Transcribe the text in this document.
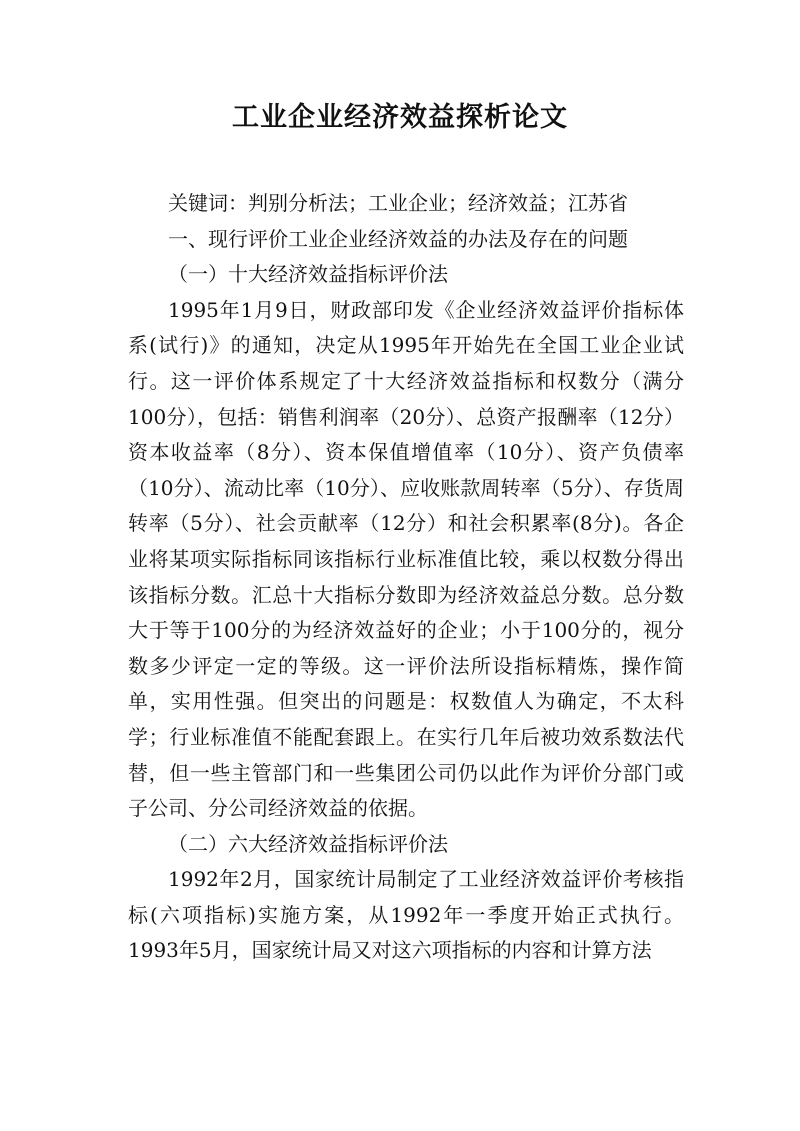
工业企业经济效益探析论文

关键词：判别分析法；工业企业；经济效益；江苏省

一、现行评价工业企业经济效益的办法及存在的问题

（一）十大经济效益指标评价法

1995年1月9日，财政部印发《企业经济效益评价指标体系(试行)》的通知，决定从1995年开始先在全国工业企业试行。这一评价体系规定了十大经济效益指标和权数分（满分100分），包括：销售利润率（20分）、总资产报酬率（12分）资本收益率（8分）、资本保值增值率（10分）、资产负债率（10分）、流动比率（10分）、应收账款周转率（5分）、存货周转率（5分）、社会贡献率（12分）和社会积累率(8分)。各企业将某项实际指标同该指标行业标准值比较，乘以权数分得出该指标分数。汇总十大指标分数即为经济效益总分数。总分数大于等于100分的为经济效益好的企业；小于100分的，视分数多少评定一定的等级。这一评价法所设指标精炼，操作简单，实用性强。但突出的问题是：权数值人为确定，不太科学；行业标准值不能配套跟上。在实行几年后被功效系数法代替，但一些主管部门和一些集团公司仍以此作为评价分部门或子公司、分公司经济效益的依据。

（二）六大经济效益指标评价法

1992年2月，国家统计局制定了工业经济效益评价考核指标(六项指标)实施方案，从1992年一季度开始正式执行。1993年5月，国家统计局又对这六项指标的内容和计算方法
